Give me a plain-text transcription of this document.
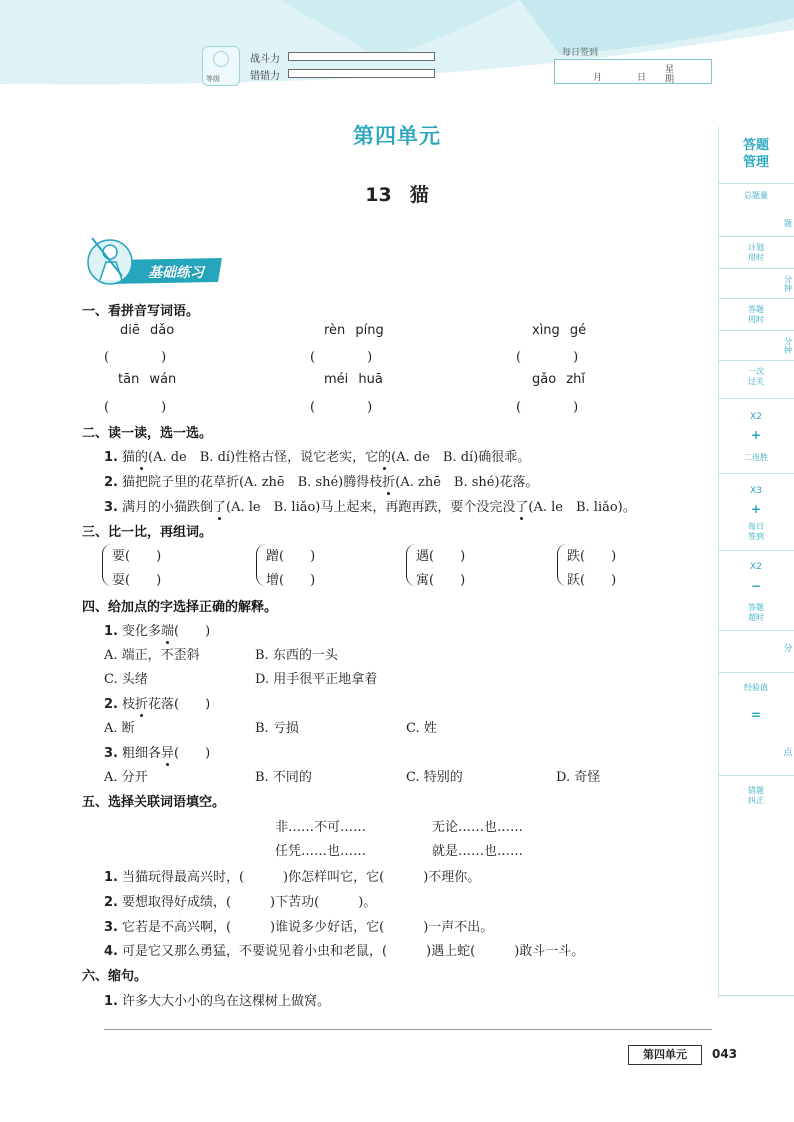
等级
战斗力
错错力
每日签到
月	日
星
期
第四单元
13 猫
基础练习
一、看拼音写词语。
diē dǎo	rèn píng	xìng gé
(　　　　)	(　　　　)	(　　　　)
tān wán	méi huā	gǎo zhǐ
(　　　　)	(　　　　)	(　　　　)
二、读一读，选一选。
1. 猫的(A. de　B. dí)性格古怪，说它老实，它的(A. de　B. dí)确很乖。
2. 猫把院子里的花草折(A. zhē　B. shé)腾得枝折(A. zhē　B. shé)花落。
3. 满月的小猫跌倒了(A. le　B. liǎo)马上起来，再跑再跌，要个没完没了(A. le　B. liǎo)。
三、比一比，再组词。
要(　　)
耍(　　)
蹭(　　)
增(　　)
遇(　　)
寓(　　)
跌(　　)
跃(　　)
四、给加点的字选择正确的解释。
1. 变化多端(　　)
A. 端正，不歪斜	B. 东西的一头
C. 头绪	D. 用手很平正地拿着
2. 枝折花落(　　)
A. 断	B. 亏损	C. 姓
3. 粗细各异(　　)
A. 分开	B. 不同的	C. 特别的	D. 奇怪
五、选择关联词语填空。
非……不可……	无论……也……
任凭……也……	就是……也……
1. 当猫玩得最高兴时，(　　　)你怎样叫它，它(　　　)不理你。
2. 要想取得好成绩，(　　　)下苦功(　　　)。
3. 它若是不高兴啊，(　　　)谁说多少好话，它(　　　)一声不出。
4. 可是它又那么勇猛，不要说见着小虫和老鼠，(　　　)遇上蛇(　　　)敢斗一斗。
六、缩句。
1. 许多大大小小的鸟在这棵树上做窝。
答题
管理
总题量
题
计划
用时
分
钟
答题
用时
分
钟
一次
过关
X2
+
二连胜
X3
+
每日
签到
X2
−
答题
超时
分
经验值
=
点
错题
纠正
第四单元	043
